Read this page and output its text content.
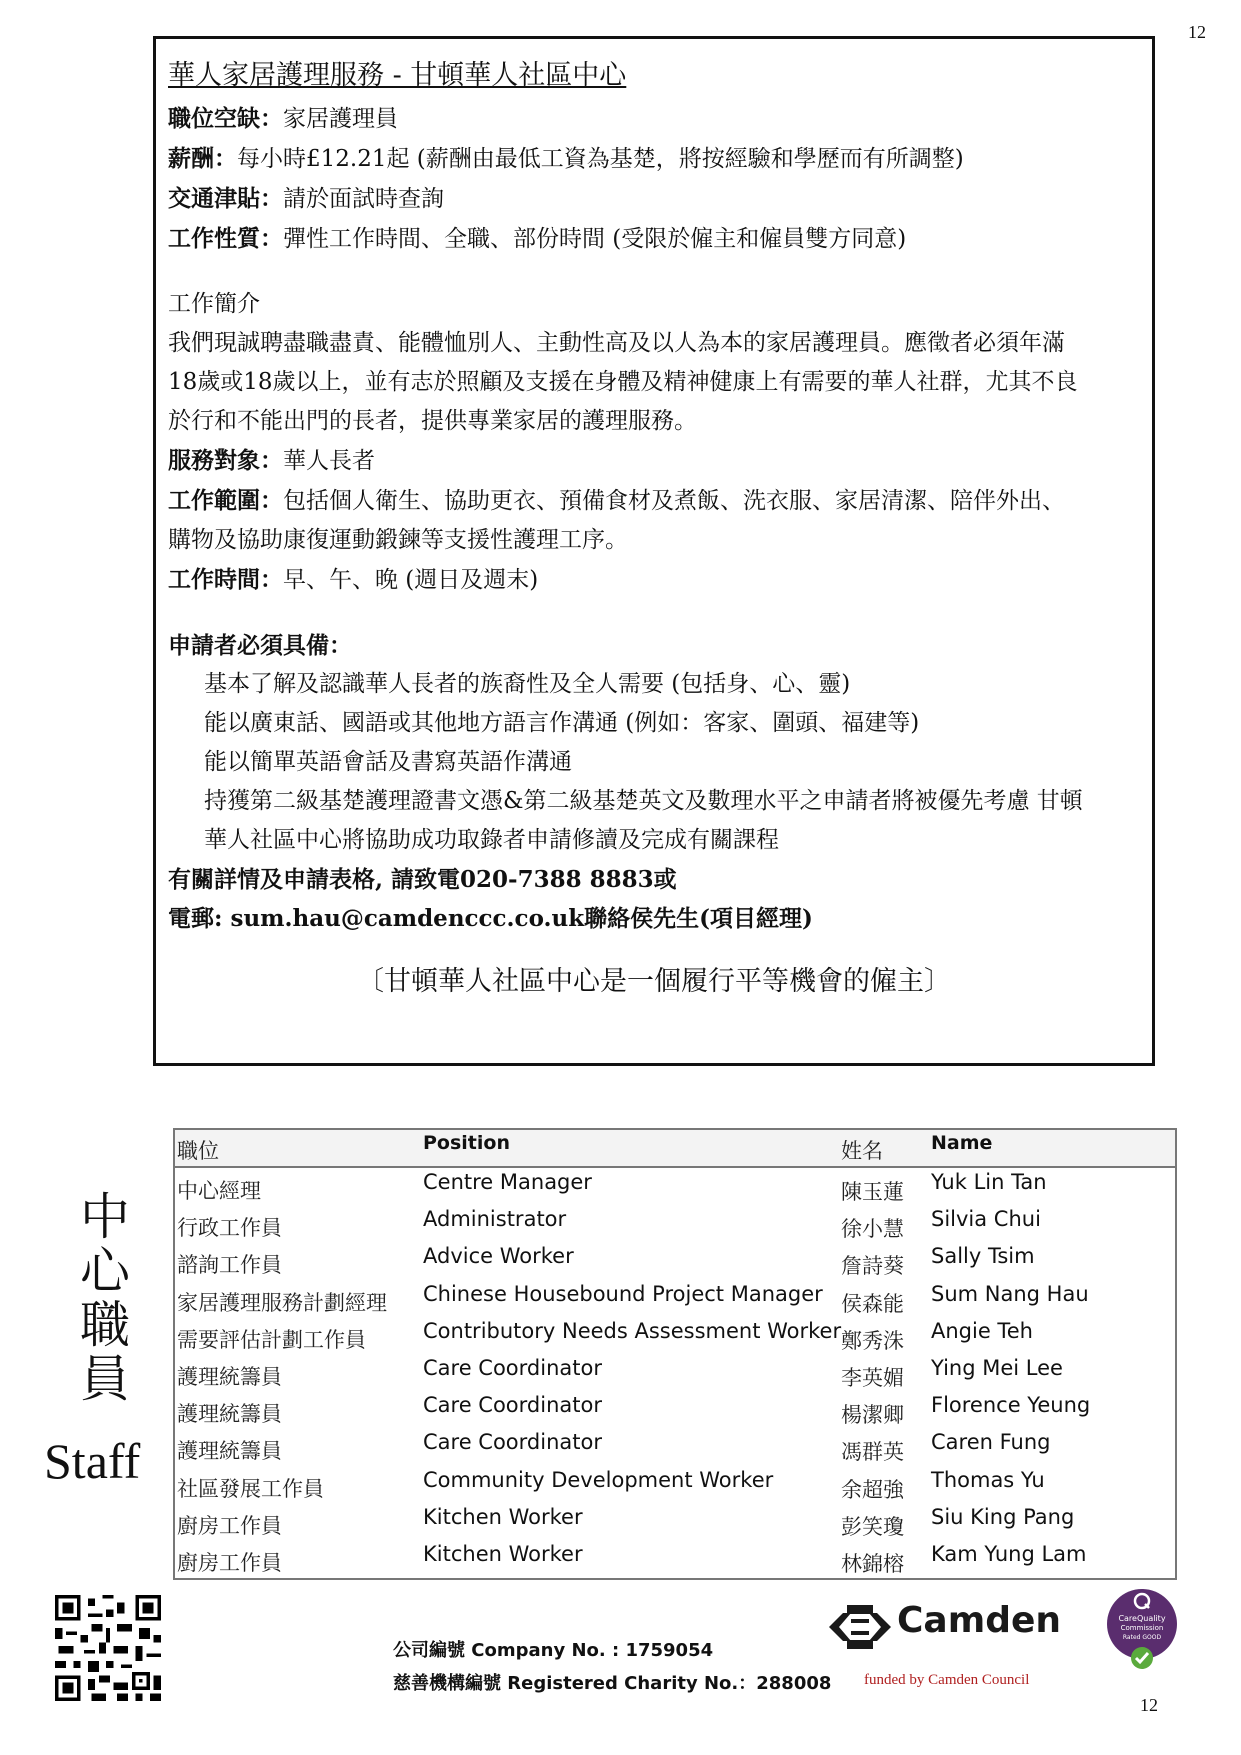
12

華人家居護理服務 - 甘頓華人社區中心

職位空缺：家居護理員

薪酬：每小時£12.21起 (薪酬由最低工資為基楚，將按經驗和學歷而有所調整)

交通津貼：請於面試時查詢

工作性質：彈性工作時間、全職、部份時間 (受限於僱主和僱員雙方同意)

工作簡介

我們現誠聘盡職盡責、能體恤別人、主動性高及以人為本的家居護理員。應徵者必須年滿

18歲或18歲以上，並有志於照顧及支援在身體及精神健康上有需要的華人社群，尤其不良

於行和不能出門的長者，提供專業家居的護理服務。

服務對象：華人長者

工作範圍：包括個人衛生、協助更衣、預備食材及煮飯、洗衣服、家居清潔、陪伴外出、

購物及協助康復運動鍛鍊等支援性護理工序。

工作時間：早、午、晚 (週日及週末)

申請者必須具備：

基本了解及認識華人長者的族裔性及全人需要 (包括身、心、靈)

能以廣東話、國語或其他地方語言作溝通 (例如：客家、圍頭、福建等)

能以簡單英語會話及書寫英語作溝通

持獲第二級基楚護理證書文憑&第二級基楚英文及數理水平之申請者將被優先考慮 甘頓

華人社區中心將協助成功取錄者申請修讀及完成有關課程

有關詳情及申請表格, 請致電020-7388 8883或

電郵: sum.hau@camdenccc.co.uk聯絡侯先生(項目經理)

〔甘頓華人社區中心是一個履行平等機會的僱主〕

中心職員
Staff
職位	Position	姓名	Name
中心經理	Centre Manager	陳玉蓮 Yuk Lin Tan
行政工作員	Administrator	徐小慧 Silvia Chui
諮詢工作員	Advice Worker	詹詩葵 Sally Tsim
家居護理服務計劃經理 Chinese Housebound Project Manager 侯森能 Sum Nang Hau
需要評估計劃工作員	Contributory Needs Assessment Worker 鄭秀洙 Angie Teh
護理統籌員	Care Coordinator	李英媚 Ying Mei Lee
護理統籌員	Care Coordinator	楊潔卿 Florence Yeung
護理統籌員	Care Coordinator	馮群英 Caren Fung
社區發展工作員	Community Development Worker	余超強 Thomas Yu
廚房工作員	Kitchen Worker	彭笑瓊 Siu King Pang
廚房工作員	Kitchen Worker	林錦榕 Kam Yung Lam
公司編號 Company No. : 1759054
慈善機構編號 Registered Charity No.：288008
Camden
funded by Camden Council
CareQuality
Commission
Rated GOOD
12
